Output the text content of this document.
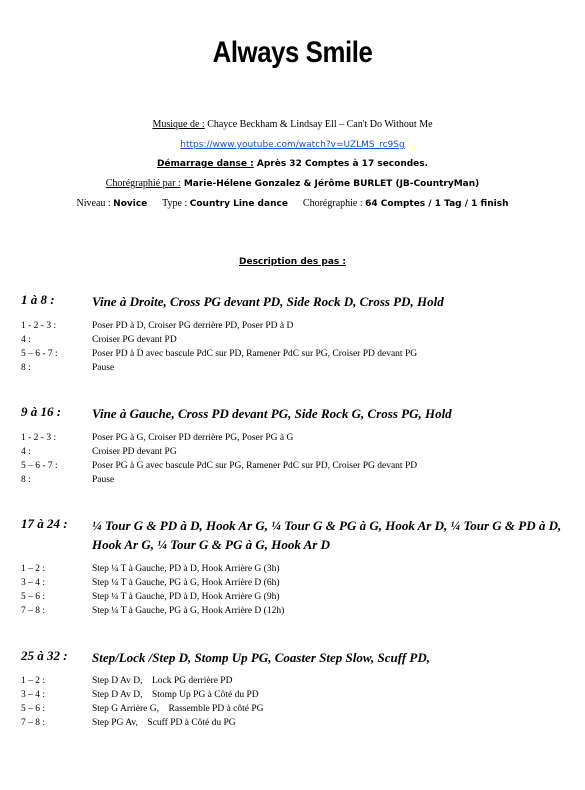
Always Smile
Musique de : Chayce Beckham & Lindsay Ell – Can't Do Without Me
https://www.youtube.com/watch?v=UZLMS_rc9Sg
Démarrage danse : Après 32 Comptes à 17 secondes.
Chorégraphié par : Marie-Hélene Gonzalez & Jérôme BURLET (JB-CountryMan)
Niveau : Novice Type : Country Line dance Chorégraphie : 64 Comptes / 1 Tag / 1 finish
Description des pas :
1 à 8 :	Vine à Droite, Cross PG devant PD, Side Rock D, Cross PD, Hold
1 - 2 - 3 :	Poser PD à D, Croiser PG derrière PD, Poser PD à D
4 :	Croiser PG devant PD
5 – 6 - 7 :	Poser PD à D avec bascule PdC sur PD, Ramener PdC sur PG, Croiser PD devant PG
8 :	Pause
9 à 16 :	Vine à Gauche, Cross PD devant PG, Side Rock G, Cross PG, Hold
1 - 2 - 3 :	Poser PG à G, Croiser PD derrière PG, Poser PG à G
4 :	Croiser PD devant PG
5 – 6 - 7 :	Poser PG à G avec bascule PdC sur PG, Ramener PdC sur PD, Croiser PG devant PD
8 :	Pause
17 à 24 :	¼ Tour G & PD à D, Hook Ar G, ¼ Tour G & PG à G, Hook Ar D, ¼ Tour G & PD à D, Hook Ar G, ¼ Tour G & PG à G, Hook Ar D
1 – 2 :	Step ¼ T à Gauche, PD à D, Hook Arrière G (3h)
3 – 4 :	Step ¼ T à Gauche, PG à G, Hook Arrière D (6h)
5 – 6 :	Step ¼ T à Gauche, PD à D, Hook Arrière G (9h)
7 – 8 :	Step ¼ T à Gauche, PG à G, Hook Arrière D (12h)
25 à 32 :	Step/Lock /Step D, Stomp Up PG, Coaster Step Slow, Scuff PD,
1 – 2 :	Step D Av D,    Lock PG derrière PD
3 – 4 :	Step D Av D,    Stomp Up PG à Côté du PD
5 – 6 :	Step G Arrière G,    Rassemble PD à côté PG
7 – 8 :	Step PG Av,    Scuff PD à Côté du PG
